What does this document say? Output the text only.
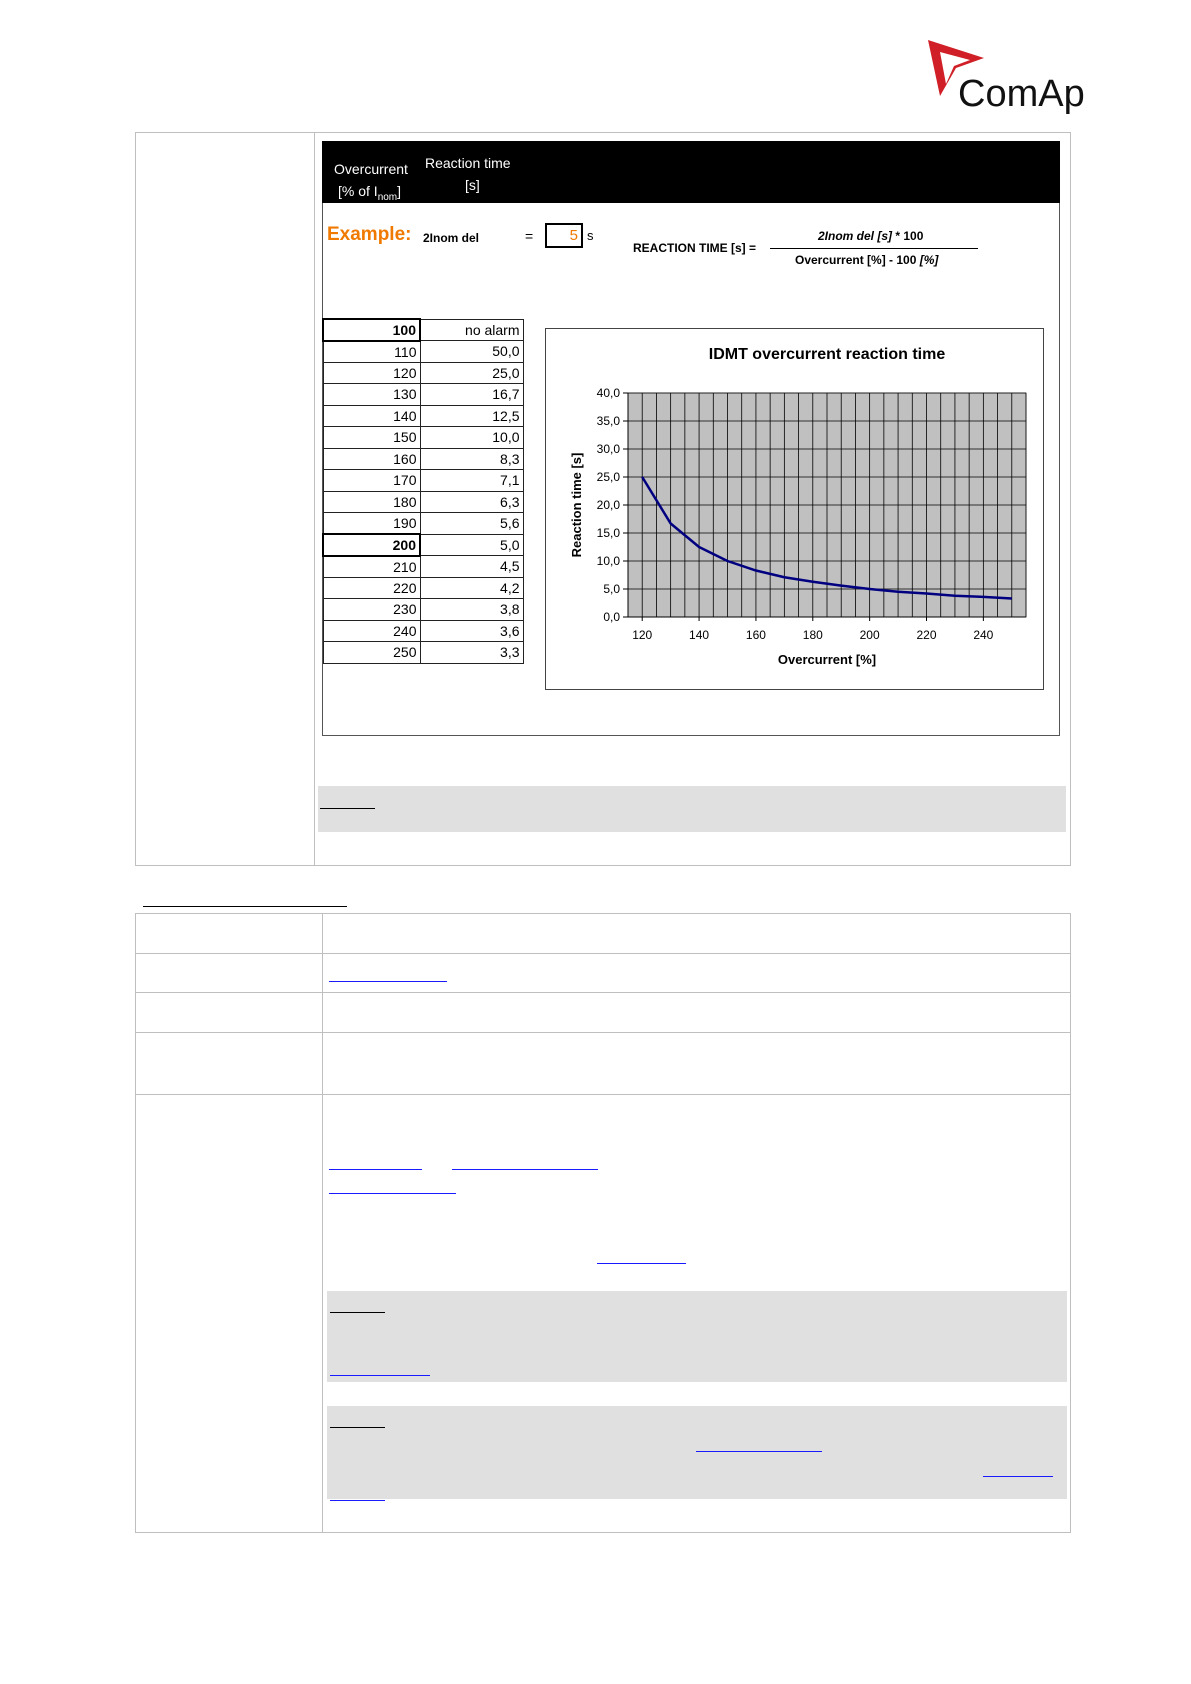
ComAp
Overcurrent
[% of $I_{nom}$]
Reaction time
[s]
Example: 2Inom del	=	5 s
REACTION TIME [s] =
2Inom del [s] * 100
Overcurrent [%] - 100 [%]
100	no alarm
110	50,0
120	25,0
130	16,7
140	12,5
150	10,0
160	8,3
170	7,1
180	6,3
190	5,6
200	5,0
210	4,5
220	4,2
230	3,8
240	3,6
250	3,3
IDMT overcurrent reaction time
0,0
5,0
10,0
15,0
20,0
25,0
30,0
35,0
40,0
120	140	160	180	200	220	240
Overcurrent [%]
Reaction time [s]
